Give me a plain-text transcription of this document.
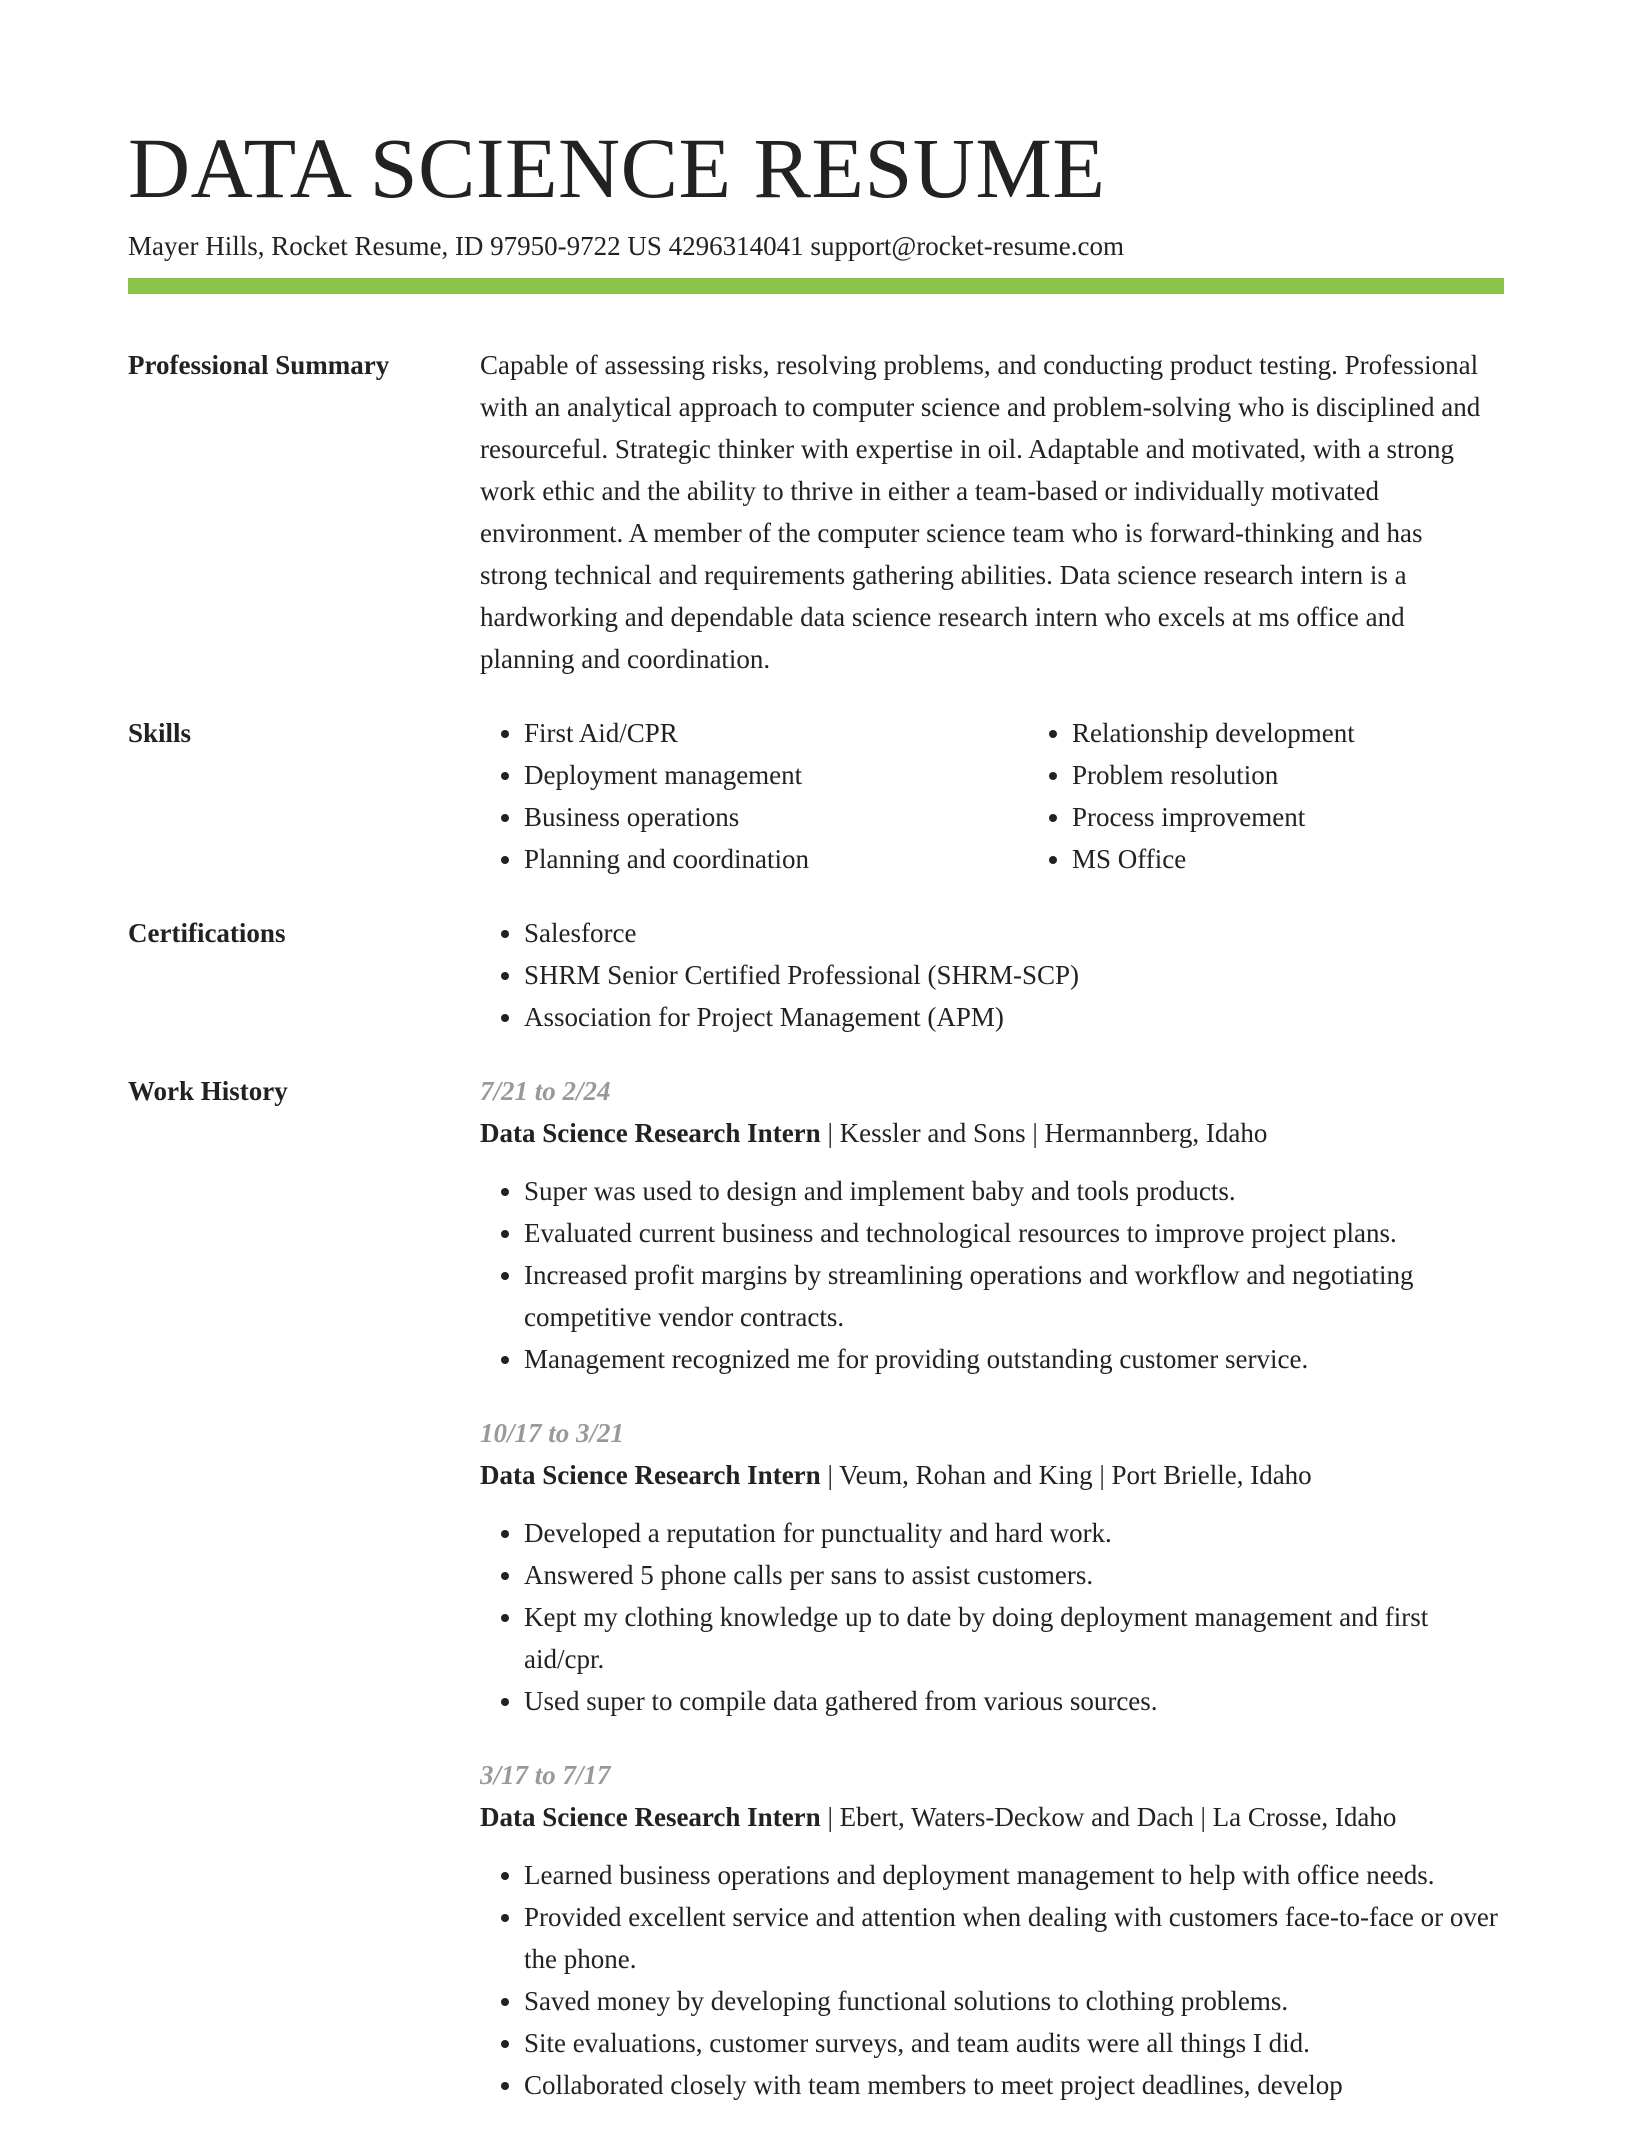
DATA SCIENCE RESUME
Mayer Hills, Rocket Resume, ID 97950-9722 US 4296314041 support@rocket-resume.com
Professional Summary	Capable of assessing risks, resolving problems, and conducting product testing. Professional with an analytical approach to computer science and problem-solving who is disciplined and resourceful. Strategic thinker with expertise in oil. Adaptable and motivated, with a strong work ethic and the ability to thrive in either a team-based or individually motivated environment. A member of the computer science team who is forward-thinking and has strong technical and requirements gathering abilities. Data science research intern is a hardworking and dependable data science research intern who excels at ms office and planning and coordination.

Skills	• First Aid/CPR
• Deployment management
• Business operations
• Planning and coordination
• Relationship development
• Problem resolution
• Process improvement
• MS Office
Certifications	• Salesforce
• SHRM Senior Certified Professional (SHRM-SCP)
• Association for Project Management (APM)
Work History	7/21 to 2/24
Data Science Research Intern | Kessler and Sons | Hermannberg, Idaho
• Super was used to design and implement baby and tools products.
• Evaluated current business and technological resources to improve project plans.
• Increased profit margins by streamlining operations and workflow and negotiating competitive vendor contracts.
• Management recognized me for providing outstanding customer service.
10/17 to 3/21
Data Science Research Intern | Veum, Rohan and King | Port Brielle, Idaho
• Developed a reputation for punctuality and hard work.
• Answered 5 phone calls per sans to assist customers.
• Kept my clothing knowledge up to date by doing deployment management and first aid/cpr.
• Used super to compile data gathered from various sources.
3/17 to 7/17
Data Science Research Intern | Ebert, Waters-Deckow and Dach | La Crosse, Idaho
• Learned business operations and deployment management to help with office needs.
• Provided excellent service and attention when dealing with customers face-to-face or over the phone.
• Saved money by developing functional solutions to clothing problems.
• Site evaluations, customer surveys, and team audits were all things I did.
• Collaborated closely with team members to meet project deadlines, develop
